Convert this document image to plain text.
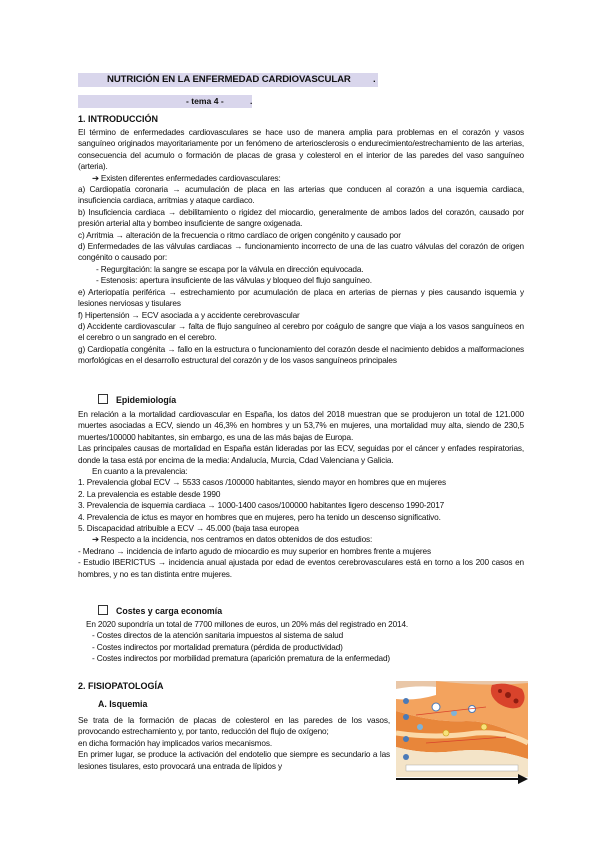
NUTRICIÓN EN LA ENFERMEDAD CARDIOVASCULAR .
- tema 4 -	.
1. INTRODUCCIÓN

El término de enfermedades cardiovasculares se hace uso de manera amplia para problemas en el corazón y vasos sanguíneo originados mayoritariamente por un fenómeno de arteriosclerosis o endurecimiento/estrechamiento de las arterias, consecuencia del acumulo o formación de placas de grasa y colesterol en el interior de las paredes del vaso sanguíneo (arteria).

➔ Existen diferentes enfermedades cardiovasculares:

a) Cardiopatía coronaria → acumulación de placa en las arterias que conducen al corazón a una isquemia cardiaca, insuficiencia cardiaca, arritmias y ataque cardiaco.

b) Insuficiencia cardiaca → debilitamiento o rigidez del miocardio, generalmente de ambos lados del corazón, causado por presión arterial alta y bombeo insuficiente de sangre oxigenada.

c) Arritmia → alteración de la frecuencia o ritmo cardíaco de origen congénito y causado por

d) Enfermedades de las válvulas cardiacas → funcionamiento incorrecto de una de las cuatro válvulas del corazón de origen congénito o causado por:

- Regurgitación: la sangre se escapa por la válvula en dirección equivocada.

- Estenosis: apertura insuficiente de las válvulas y bloqueo del flujo sanguíneo.

e) Arteriopatía periférica → estrechamiento por acumulación de placa en arterias de piernas y pies causando isquemia y lesiones nerviosas y tisulares

f) Hipertensión → ECV asociada a y accidente cerebrovascular

d) Accidente cardiovascular → falta de flujo sanguíneo al cerebro por coágulo de sangre que viaja a los vasos sanguíneos en el cerebro o un sangrado en el cerebro.

g) Cardiopatía congénita → fallo en la estructura o funcionamiento del corazón desde el nacimiento debidos a malformaciones morfológicas en el desarrollo estructural del corazón y de los vasos sanguíneos principales

Epidemiología

En relación a la mortalidad cardiovascular en España, los datos del 2018 muestran que se produjeron un total de 121.000 muertes asociadas a ECV, siendo un 46,3% en hombres y un 53,7% en mujeres, una mortalidad muy alta, siendo de 230,5 muertes/100000 habitantes, sin embargo, es una de las más bajas de Europa.

Las principales causas de mortalidad en España están lideradas por las ECV, seguidas por el cáncer y enfades respiratorias, donde la tasa está por encima de la media: Andalucía, Murcia, Cdad Valenciana y Galicia.

En cuanto a la prevalencia:

1. Prevalencia global ECV → 5533 casos /100000 habitantes, siendo mayor en hombres que en mujeres

2. La prevalencia es estable desde 1990

3. Prevalencia de isquemia cardiaca → 1000-1400 casos/100000 habitantes ligero descenso 1990-2017

4. Prevalencia de ictus es mayor en hombres que en mujeres, pero ha tenido un descenso significativo.

5. Discapacidad atribuible a ECV → 45.000 (baja tasa europea

➔ Respecto a la incidencia, nos centramos en datos obtenidos de dos estudios:

- Medrano → incidencia de infarto agudo de miocardio es muy superior en hombres frente a mujeres

- Estudio IBERICTUS → incidencia anual ajustada por edad de eventos cerebrovasculares está en torno a los 200 casos en hombres, y no es tan distinta entre mujeres.

Costes y carga economía

En 2020 supondría un total de 7700 millones de euros, un 20% más del registrado en 2014.

- Costes directos de la atención sanitaria impuestos al sistema de salud

- Costes indirectos por mortalidad prematura (pérdida de productividad)

- Costes indirectos por morbilidad prematura (aparición prematura de la enfermedad)

2. FISIOPATOLOGÍA
A. Isquemia

Se trata de la formación de placas de colesterol en las paredes de los vasos, provocando estrechamiento y, por tanto, reducción del flujo de oxígeno;

en dicha formación hay implicados varios mecanismos.

En primer lugar, se produce la activación del endotelio que siempre es secundario a las lesiones tisulares, esto provocará una entrada de lípidos y
